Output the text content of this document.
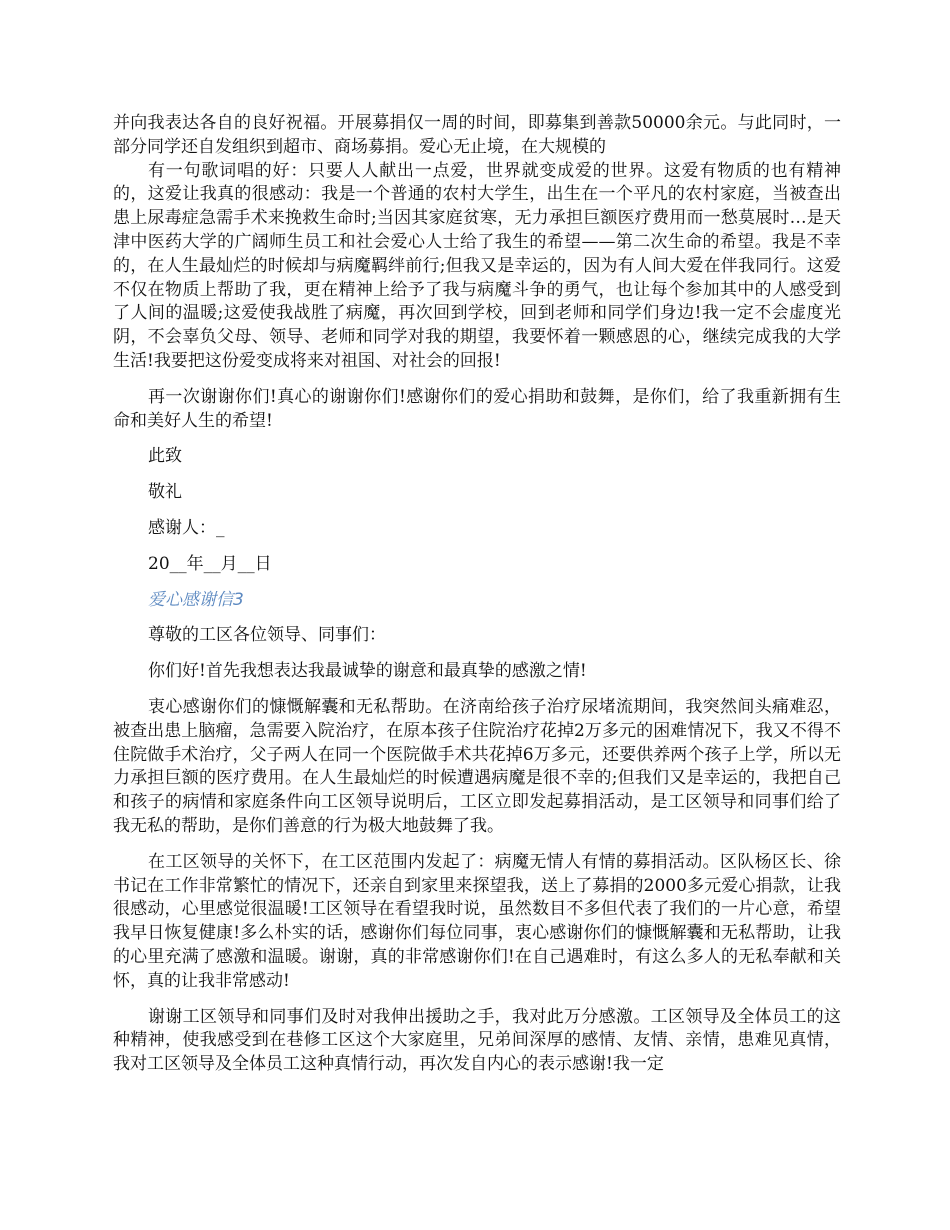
并向我表达各自的良好祝福。开展募捐仅一周的时间，即募集到善款50000余元。与此同时，一部分同学还自发组织到超市、商场募捐。爱心无止境，在大规模的

有一句歌词唱的好：只要人人献出一点爱，世界就变成爱的世界。这爱有物质的也有精神的，这爱让我真的很感动：我是一个普通的农村大学生，出生在一个平凡的农村家庭，当被查出患上尿毒症急需手术来挽救生命时;当因其家庭贫寒，无力承担巨额医疗费用而一愁莫展时…是天津中医药大学的广阔师生员工和社会爱心人士给了我生的希望——第二次生命的希望。我是不幸的，在人生最灿烂的时候却与病魔羁绊前行;但我又是幸运的，因为有人间大爱在伴我同行。这爱不仅在物质上帮助了我，更在精神上给予了我与病魔斗争的勇气，也让每个参加其中的人感受到了人间的温暖;这爱使我战胜了病魔，再次回到学校，回到老师和同学们身边!我一定不会虚度光阴，不会辜负父母、领导、老师和同学对我的期望，我要怀着一颗感恩的心，继续完成我的大学生活!我要把这份爱变成将来对祖国、对社会的回报!

再一次谢谢你们!真心的谢谢你们!感谢你们的爱心捐助和鼓舞，是你们，给了我重新拥有生命和美好人生的希望!

此致

敬礼

感谢人：_

20__年__月__日

爱心感谢信3

尊敬的工区各位领导、同事们：

你们好!首先我想表达我最诚挚的谢意和最真挚的感激之情!

衷心感谢你们的慷慨解囊和无私帮助。在济南给孩子治疗尿堵流期间，我突然间头痛难忍，被查出患上脑瘤，急需要入院治疗，在原本孩子住院治疗花掉2万多元的困难情况下，我又不得不住院做手术治疗，父子两人在同一个医院做手术共花掉6万多元，还要供养两个孩子上学，所以无力承担巨额的医疗费用。在人生最灿烂的时候遭遇病魔是很不幸的;但我们又是幸运的，我把自己和孩子的病情和家庭条件向工区领导说明后，工区立即发起募捐活动，是工区领导和同事们给了我无私的帮助，是你们善意的行为极大地鼓舞了我。

在工区领导的关怀下，在工区范围内发起了：病魔无情人有情的募捐活动。区队杨区长、徐书记在工作非常繁忙的情况下，还亲自到家里来探望我，送上了募捐的2000多元爱心捐款，让我很感动，心里感觉很温暖!工区领导在看望我时说，虽然数目不多但代表了我们的一片心意，希望我早日恢复健康!多么朴实的话，感谢你们每位同事，衷心感谢你们的慷慨解囊和无私帮助，让我的心里充满了感激和温暖。谢谢，真的非常感谢你们!在自己遇难时，有这么多人的无私奉献和关怀，真的让我非常感动!

谢谢工区领导和同事们及时对我伸出援助之手，我对此万分感激。工区领导及全体员工的这种精神，使我感受到在巷修工区这个大家庭里，兄弟间深厚的感情、友情、亲情，患难见真情，我对工区领导及全体员工这种真情行动，再次发自内心的表示感谢!我一定
